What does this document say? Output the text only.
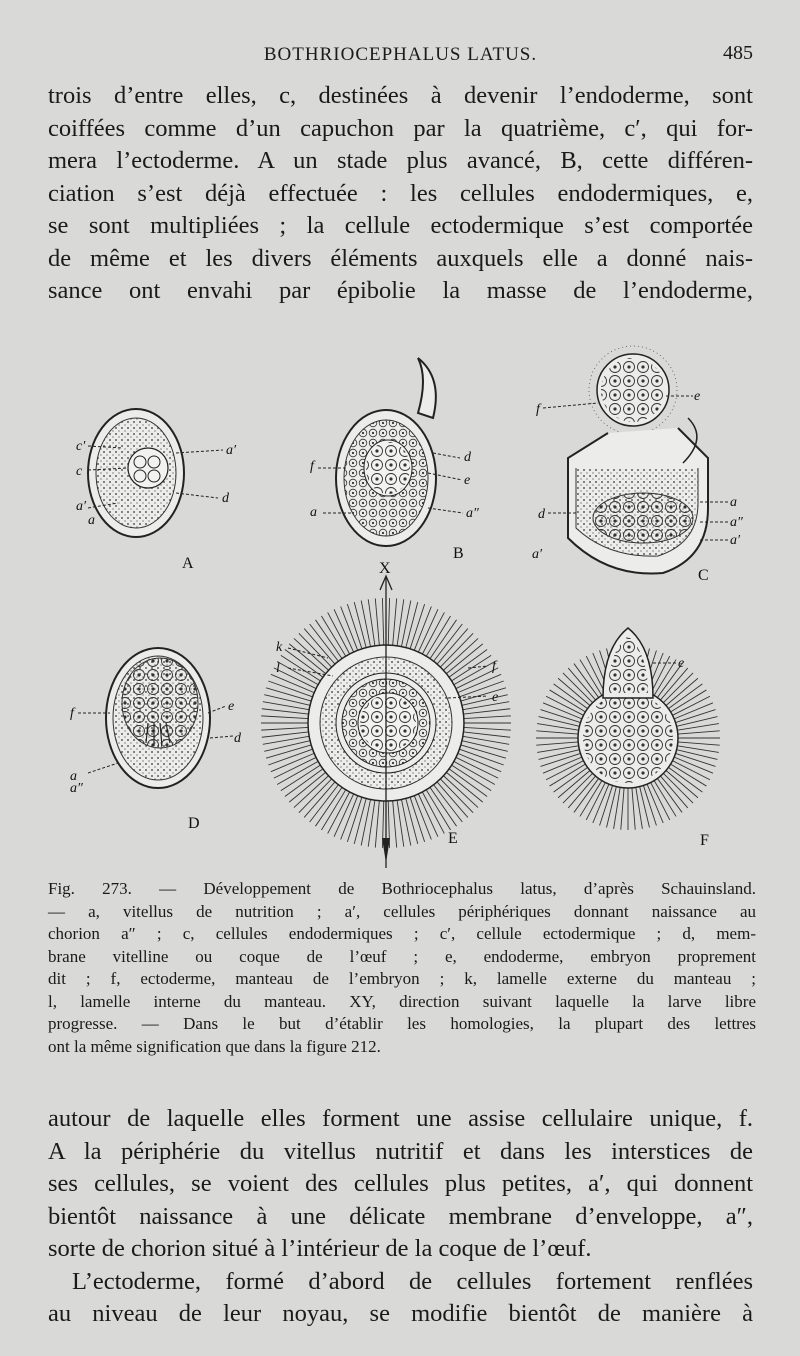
BOTHRIOCEPHALUS LATUS.	485
trois d’entre elles, c, destinées à devenir l’endoderme, sont
coiffées comme d’un capuchon par la quatrième, c′, qui for-
mera l’ectoderme. A un stade plus avancé, B, cette différen-
ciation s’est déjà effectuée : les cellules endodermiques, e,
se sont multipliées ; la cellule ectodermique s’est comportée
de même et les divers éléments auxquels elle a donné nais-
sance ont envahi par épibolie la masse de l’endoderme,
c′
c
a′
d
a′
a
A
f
d
e
a″
a
B
f
e
a
a″
a′
d
a′
C
f	e
d
a
a″
D
X
k
l	f
e
E
e
F
Fig. 273. — Développement de Bothriocephalus latus, d’après Schauinsland.
— a, vitellus de nutrition ; a′, cellules périphériques donnant naissance au
chorion a″ ; c, cellules endodermiques ; c′, cellule ectodermique ; d, mem-
brane vitelline ou coque de l’œuf ; e, endoderme, embryon proprement
dit ; f, ectoderme, manteau de l’embryon ; k, lamelle externe du manteau ;
l, lamelle interne du manteau. XY, direction suivant laquelle la larve libre
progresse. — Dans le but d’établir les homologies, la plupart des lettres
ont la même signification que dans la figure 212.
autour de laquelle elles forment une assise cellulaire unique, f.
A la périphérie du vitellus nutritif et dans les interstices de
ses cellules, se voient des cellules plus petites, a′, qui donnent
bientôt naissance à une délicate membrane d’enveloppe, a″,
sorte de chorion situé à l’intérieur de la coque de l’œuf.
L’ectoderme, formé d’abord de cellules fortement renflées
au niveau de leur noyau, se modifie bientôt de manière à
